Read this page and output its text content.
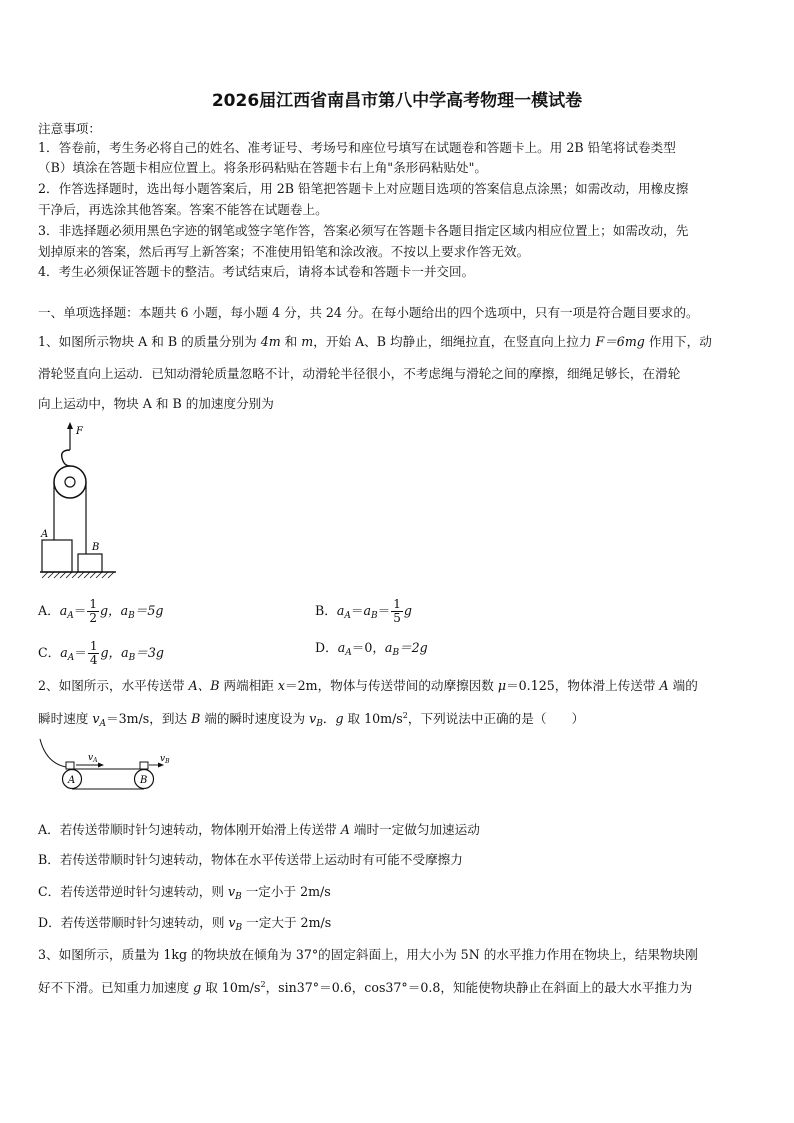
2026届江西省南昌市第八中学高考物理一模试卷
注意事项：
1．答卷前，考生务必将自己的姓名、准考证号、考场号和座位号填写在试题卷和答题卡上。用 2B 铅笔将试卷类型
（B）填涂在答题卡相应位置上。将条形码粘贴在答题卡右上角"条形码粘贴处"。
2．作答选择题时，选出每小题答案后，用 2B 铅笔把答题卡上对应题目选项的答案信息点涂黑；如需改动，用橡皮擦
干净后，再选涂其他答案。答案不能答在试题卷上。
3．非选择题必须用黑色字迹的钢笔或签字笔作答，答案必须写在答题卡各题目指定区域内相应位置上；如需改动，先
划掉原来的答案，然后再写上新答案；不准使用铅笔和涂改液。不按以上要求作答无效。
4．考生必须保证答题卡的整洁。考试结束后，请将本试卷和答题卡一并交回。
一、单项选择题：本题共 6 小题，每小题 4 分，共 24 分。在每小题给出的四个选项中，只有一项是符合题目要求的。
1、如图所示物块 A 和 B 的质量分别为 4m 和 m，开始 A、B 均静止，细绳拉直，在竖直向上拉力 F＝6mg 作用下，动
滑轮竖直向上运动．已知动滑轮质量忽略不计，动滑轮半径很小，不考虑绳与滑轮之间的摩擦，细绳足够长，在滑轮
向上运动中，物块 A 和 B 的加速度分别为
F
A
B
A．$a_A= \frac{1}{2}$ g，$a_B=5g$	B．$a_A=a_B= \frac{1}{5}$ g
C．$a_A= \frac{1}{4}$ g，$a_B=3g$	D．$a_A=0$，$a_B=2g$
2、如图所示，水平传送带 A、B 两端相距 x＝2m，物体与传送带间的动摩擦因数 μ＝0.125，物体滑上传送带 A 端的
瞬时速度 $v_A=3m/s$，到达 B 端的瞬时速度设为 $v_B$．g 取 $10m/s^2$，下列说法中正确的是（　　）
$v_A$	$v_B$
A	B
A．若传送带顺时针匀速转动，物体刚开始滑上传送带 A 端时一定做匀加速运动
B．若传送带顺时针匀速转动，物体在水平传送带上运动时有可能不受摩擦力
C．若传送带逆时针匀速转动，则 $v_B$ 一定小于 2m/s
D．若传送带顺时针匀速转动，则 $v_B$ 一定大于 2m/s
3、如图所示，质量为 1kg 的物块放在倾角为 37°的固定斜面上，用大小为 5N 的水平推力作用在物块上，结果物块刚
好不下滑。已知重力加速度 g 取 $10m/s^2$，sin37°＝0.6，cos37°＝0.8，知能使物块静止在斜面上的最大水平推力为
